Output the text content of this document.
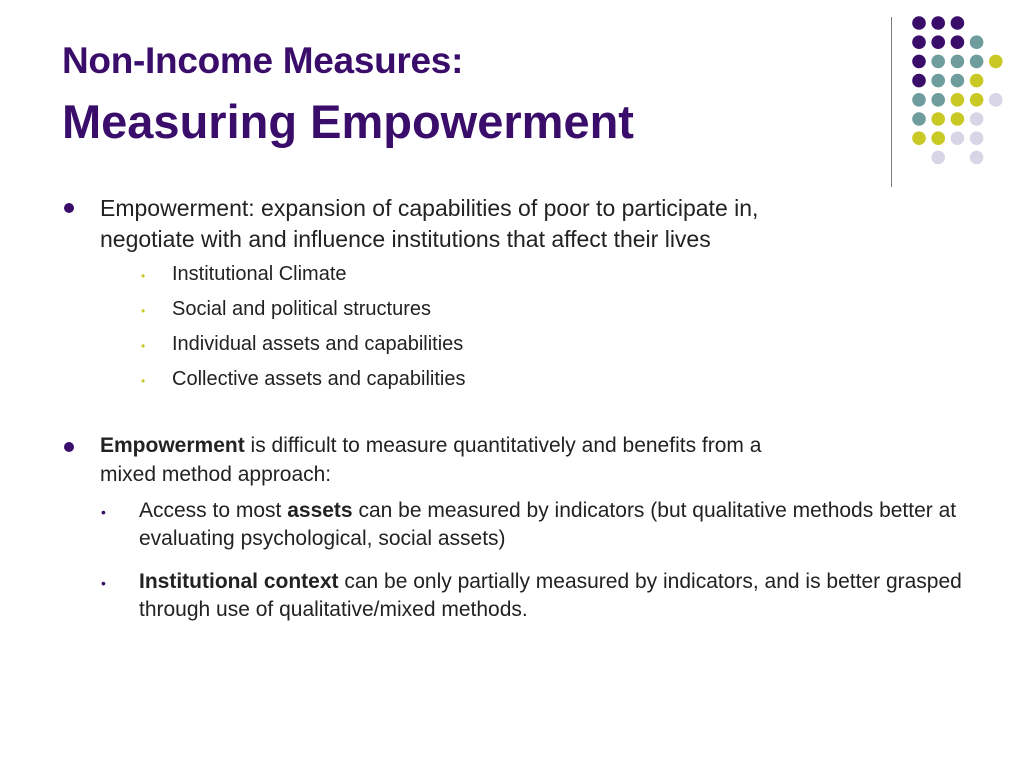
Non-Income Measures:
Measuring Empowerment
Empowerment: expansion of capabilities of poor to participate in,
negotiate with and influence institutions that affect their lives
• Institutional Climate
• Social and political structures
• Individual assets and capabilities
• Collective assets and capabilities
Empowerment is difficult to measure quantitatively and benefits from a
mixed method approach:
• Access to most assets can be measured by indicators (but qualitative methods better at evaluating psychological, social assets)
• Institutional context can be only partially measured by indicators, and is better grasped through use of qualitative/mixed methods.
